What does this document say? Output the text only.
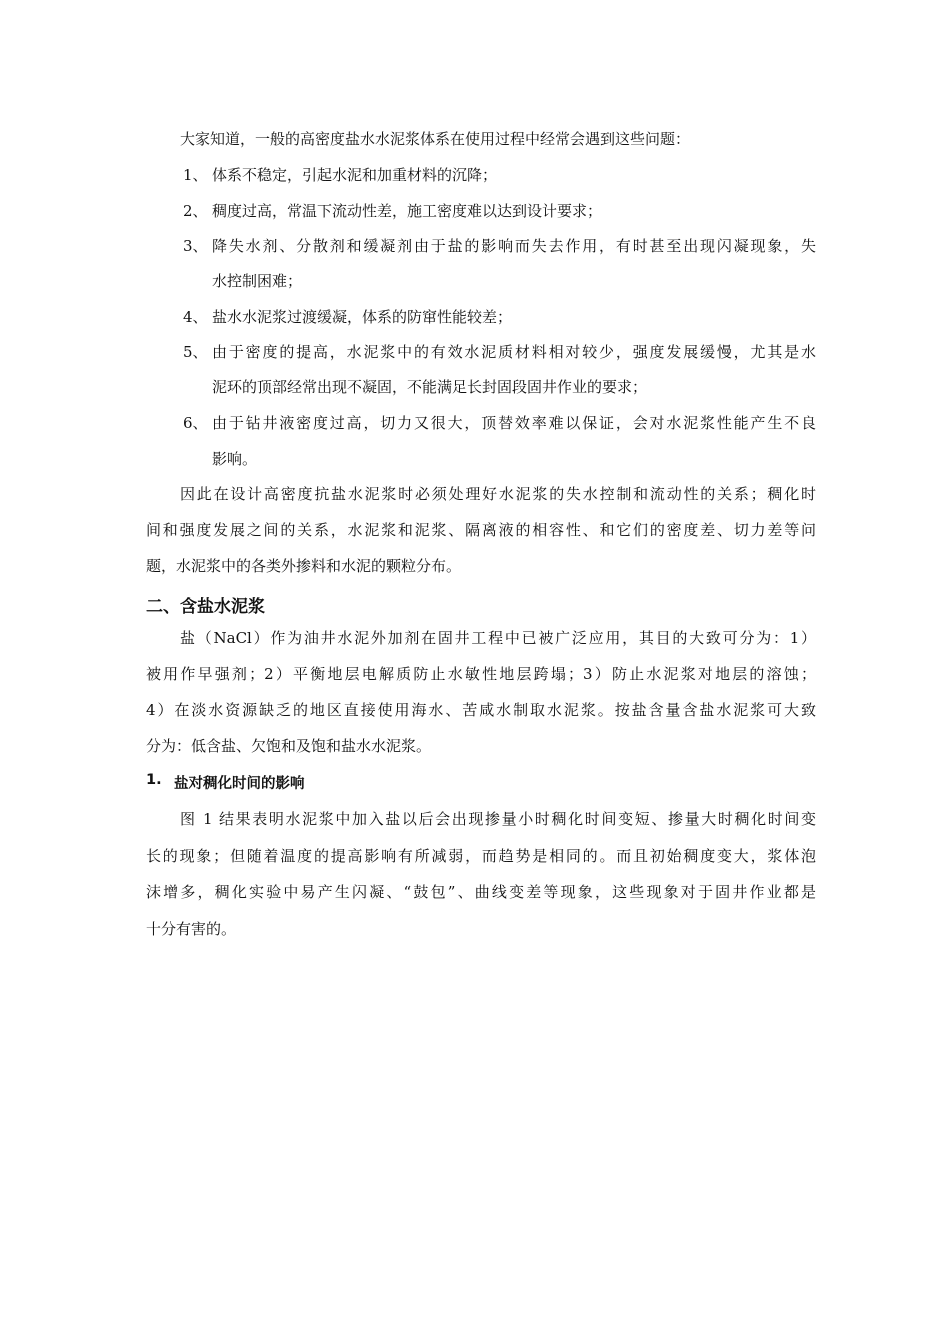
大家知道，一般的高密度盐水水泥浆体系在使用过程中经常会遇到这些问题：
1、 体系不稳定，引起水泥和加重材料的沉降；
2、 稠度过高，常温下流动性差，施工密度难以达到设计要求；
3、 降失水剂、分散剂和缓凝剂由于盐的影响而失去作用，有时甚至出现闪凝现象，失
水控制困难；
4、 盐水水泥浆过渡缓凝，体系的防窜性能较差；
5、 由于密度的提高，水泥浆中的有效水泥质材料相对较少，强度发展缓慢，尤其是水
泥环的顶部经常出现不凝固，不能满足长封固段固井作业的要求；
6、 由于钻井液密度过高，切力又很大，顶替效率难以保证，会对水泥浆性能产生不良
影响。
因此在设计高密度抗盐水泥浆时必须处理好水泥浆的失水控制和流动性的关系；稠化时
间和强度发展之间的关系，水泥浆和泥浆、隔离液的相容性、和它们的密度差、切力差等问
题，水泥浆中的各类外掺料和水泥的颗粒分布。
二、含盐水泥浆
盐（NaCl）作为油井水泥外加剂在固井工程中已被广泛应用，其目的大致可分为：1）
被用作早强剂；2）平衡地层电解质防止水敏性地层跨塌；3）防止水泥浆对地层的溶蚀；
4）在淡水资源缺乏的地区直接使用海水、苦咸水制取水泥浆。按盐含量含盐水泥浆可大致
分为：低含盐、欠饱和及饱和盐水水泥浆。
1. 盐对稠化时间的影响
图 1 结果表明水泥浆中加入盐以后会出现掺量小时稠化时间变短、掺量大时稠化时间变
长的现象；但随着温度的提高影响有所减弱，而趋势是相同的。而且初始稠度变大，浆体泡
沫增多，稠化实验中易产生闪凝、“鼓包”、曲线变差等现象，这些现象对于固井作业都是
十分有害的。
